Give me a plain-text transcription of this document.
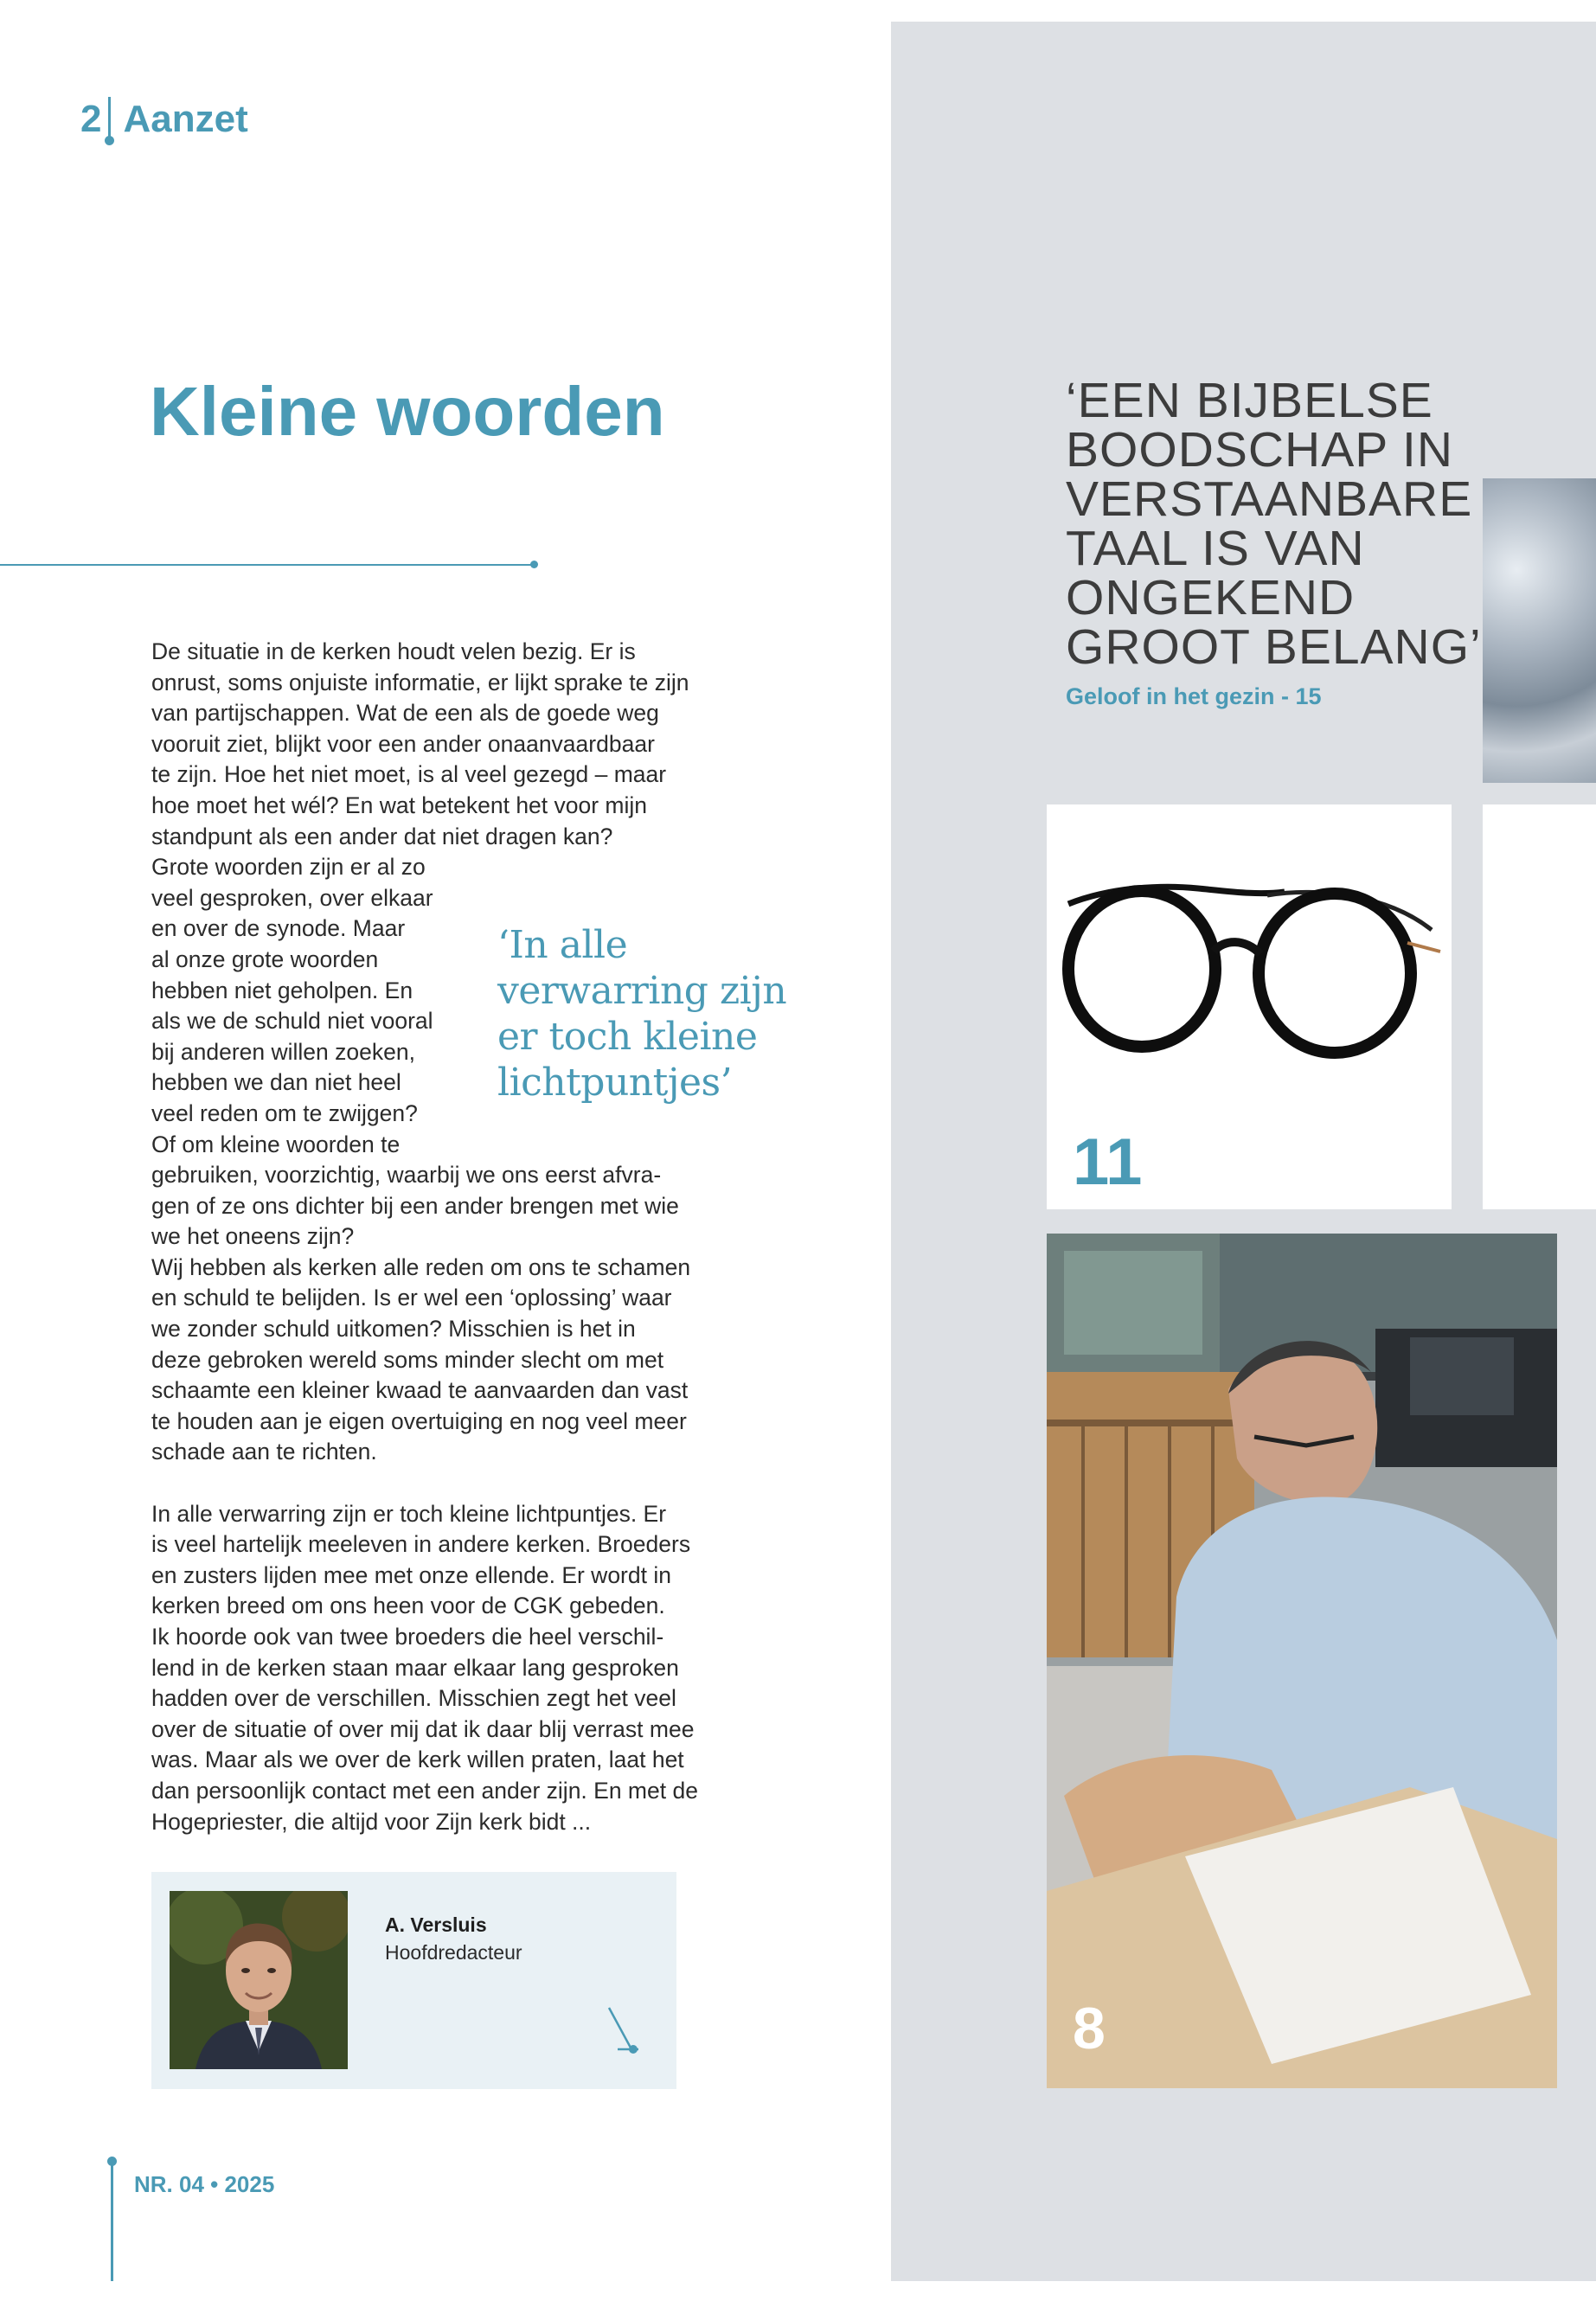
2 Aanzet
Kleine woorden
De situatie in de kerken houdt velen bezig. Er is
onrust, soms onjuiste informatie, er lijkt sprake te zijn
van partijschappen. Wat de een als de goede weg
vooruit ziet, blijkt voor een ander onaanvaardbaar
te zijn. Hoe het niet moet, is al veel gezegd – maar
hoe moet het wél? En wat betekent het voor mijn
standpunt als een ander dat niet dragen kan?
Grote woorden zijn er al zo
veel gesproken, over elkaar
en over de synode. Maar
al onze grote woorden
hebben niet geholpen. En
als we de schuld niet vooral
bij anderen willen zoeken,
hebben we dan niet heel
veel reden om te zwijgen?
Of om kleine woorden te
gebruiken, voorzichtig, waarbij we ons eerst afvra-
gen of ze ons dichter bij een ander brengen met wie
we het oneens zijn?
Wij hebben als kerken alle reden om ons te schamen
en schuld te belijden. Is er wel een ‘oplossing’ waar
we zonder schuld uitkomen? Misschien is het in
deze gebroken wereld soms minder slecht om met
schaamte een kleiner kwaad te aanvaarden dan vast
te houden aan je eigen overtuiging en nog veel meer
schade aan te richten.
In alle verwarring zijn er toch kleine lichtpuntjes. Er
is veel hartelijk meeleven in andere kerken. Broeders
en zusters lijden mee met onze ellende. Er wordt in
kerken breed om ons heen voor de CGK gebeden.
Ik hoorde ook van twee broeders die heel verschil-
lend in de kerken staan maar elkaar lang gesproken
hadden over de verschillen. Misschien zegt het veel
over de situatie of over mij dat ik daar blij verrast mee
was. Maar als we over de kerk willen praten, laat het
dan persoonlijk contact met een ander zijn. En met de
Hogepriester, die altijd voor Zijn kerk bidt ...
‘In alle
verwarring zijn
er toch kleine
lichtpuntjes’
A. Versluis
Hoofdredacteur
NR. 04 • 2025
‘EEN BIJBELSE
BOODSCHAP IN
VERSTAANBARE
TAAL IS VAN
ONGEKEND
GROOT BELANG’
Geloof in het gezin - 15
11
8
